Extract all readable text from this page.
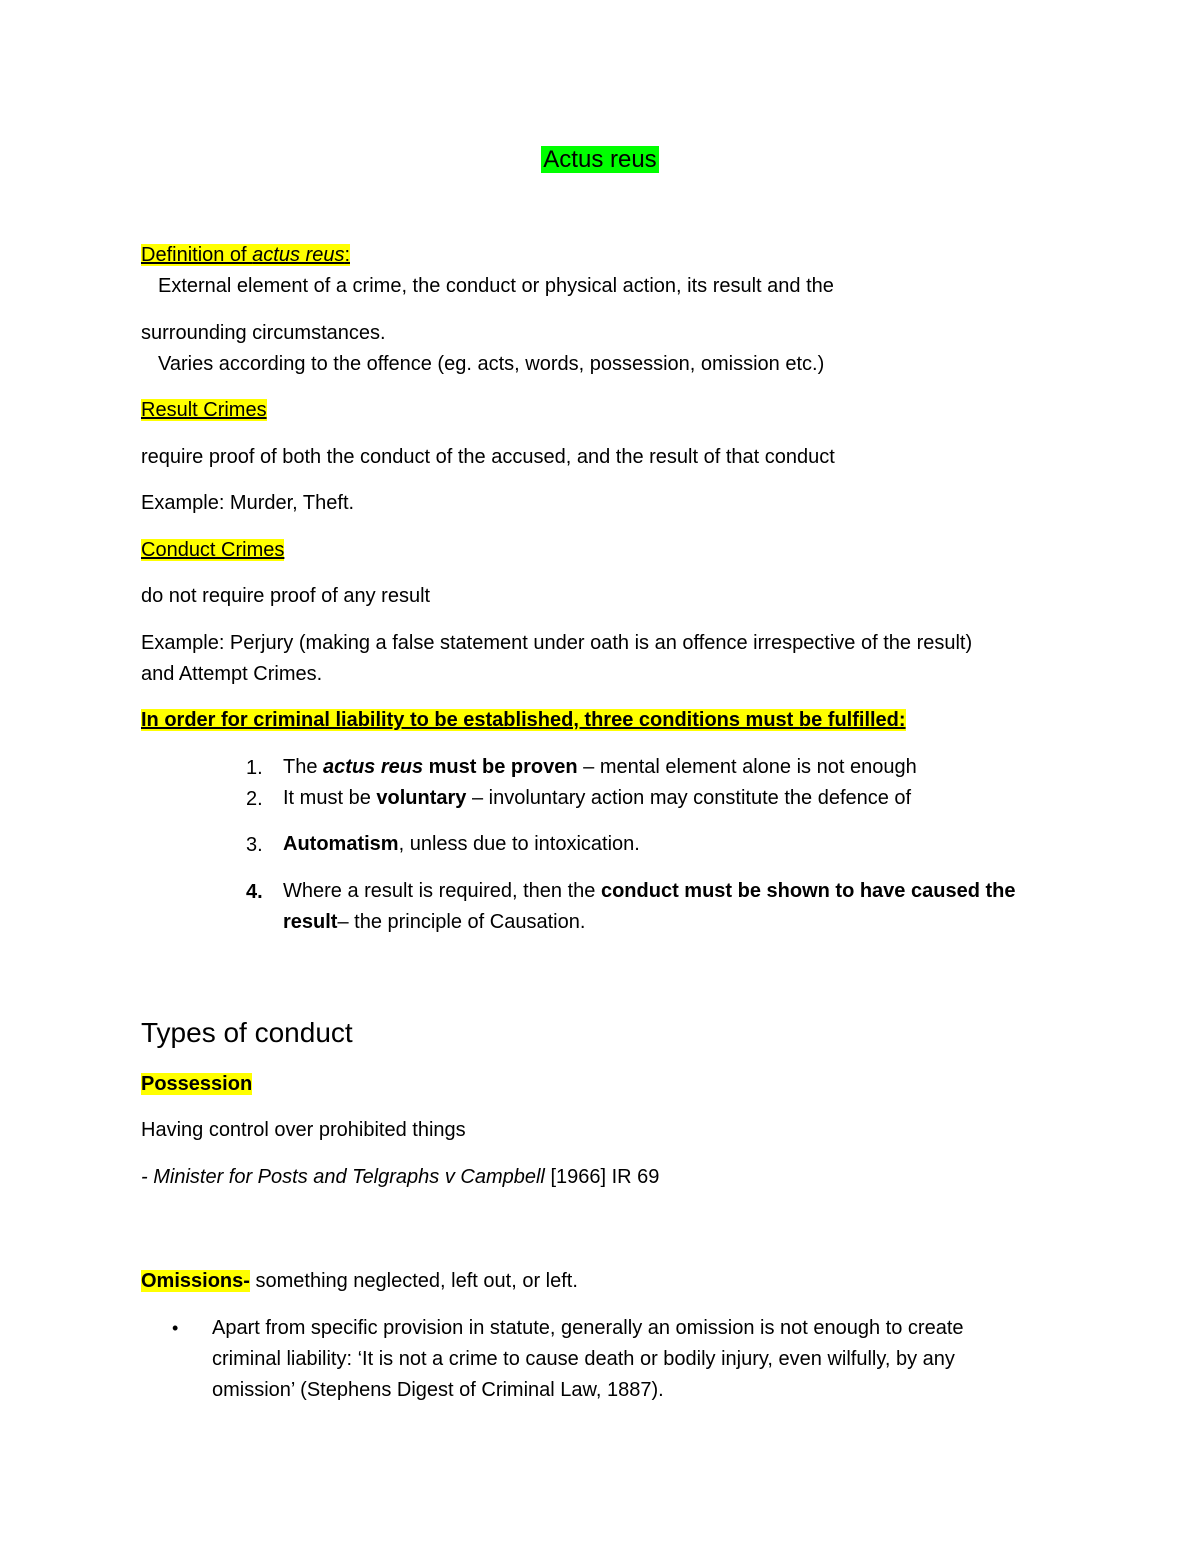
Actus reus
Definition of actus reus:
External element of a crime, the conduct or physical action, its result and the
surrounding circumstances.
Varies according to the offence (eg. acts, words, possession, omission etc.)
Result Crimes
require proof of both the conduct of the accused, and the result of that conduct
Example: Murder, Theft.
Conduct Crimes
do not require proof of any result
Example: Perjury (making a false statement under oath is an offence irrespective of the result)
and Attempt Crimes.
In order for criminal liability to be established, three conditions must be fulfilled:
1. The actus reus must be proven – mental element alone is not enough
2. It must be voluntary – involuntary action may constitute the defence of
3. Automatism, unless due to intoxication.
4. Where a result is required, then the conduct must be shown to have caused the
result– the principle of Causation.
Types of conduct
Possession
Having control over prohibited things
- Minister for Posts and Telgraphs v Campbell [1966] IR 69
Omissions- something neglected, left out, or left.
• Apart from specific provision in statute, generally an omission is not enough to create
criminal liability: ‘It is not a crime to cause death or bodily injury, even wilfully, by any
omission’ (Stephens Digest of Criminal Law, 1887).
